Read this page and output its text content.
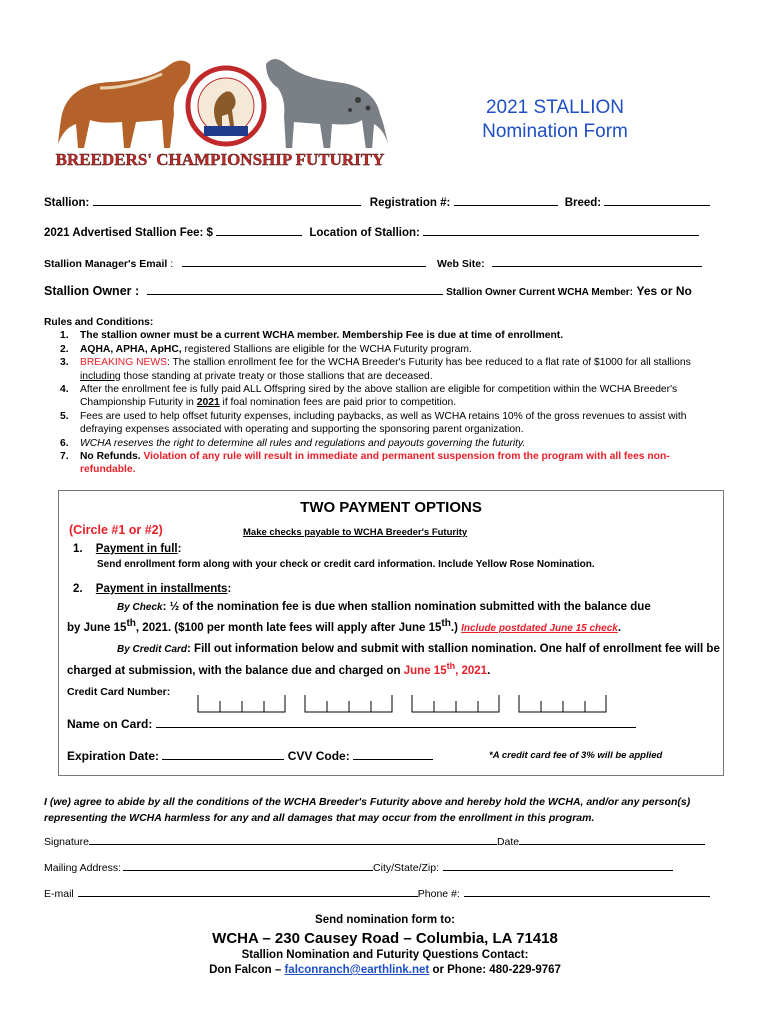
BREEDERS' CHAMPIONSHIP FUTURITY
2021 STALLION
Nomination Form
Stallion:	Registration #:	Breed:
2021 Advertised Stallion Fee: $	Location of Stallion:
Stallion Manager's Email :	Web Site:
Stallion Owner :	Stallion Owner Current WCHA Member: Yes or No
Rules and Conditions:
1. The stallion owner must be a current WCHA member. Membership Fee is due at time of enrollment.
2. AQHA, APHA, ApHC, registered Stallions are eligible for the WCHA Futurity program.
3. BREAKING NEWS: The stallion enrollment fee for the WCHA Breeder's Futurity has bee reduced to a flat rate of $1000 for all stallions including those standing at private treaty or those stallions that are deceased.
4. After the enrollment fee is fully paid ALL Offspring sired by the above stallion are eligible for competition within the WCHA Breeder's Championship Futurity in 2021 if foal nomination fees are paid prior to competition.
5. Fees are used to help offset futurity expenses, including paybacks, as well as WCHA retains 10% of the gross revenues to assist with defraying expenses associated with operating and supporting the sponsoring parent organization.
6. WCHA reserves the right to determine all rules and regulations and payouts governing the futurity.
7. No Refunds. Violation of any rule will result in immediate and permanent suspension from the program with all fees non-refundable.
TWO PAYMENT OPTIONS
(Circle #1 or #2)	Make checks payable to WCHA Breeder's Futurity
1. Payment in full:
Send enrollment form along with your check or credit card information. Include Yellow Rose Nomination.
2. Payment in installments:
By Check: ½ of the nomination fee is due when stallion nomination submitted with the balance due
by June 15th, 2021. ($100 per month late fees will apply after June 15th.) Include postdated June 15 check.
By Credit Card: Fill out information below and submit with stallion nomination. One half of enrollment fee will be charged at submission, with the balance due and charged on June 15th, 2021.
Credit Card Number:
Name on Card:
Expiration Date:	CVV Code:	*A credit card fee of 3% will be applied
I (we) agree to abide by all the conditions of the WCHA Breeder's Futurity above and hereby hold the WCHA, and/or any person(s) representing the WCHA harmless for any and all damages that may occur from the enrollment in this program.
Signature	Date
Mailing Address:	City/State/Zip:
E-mail	Phone #:
Send nomination form to:
WCHA – 230 Causey Road – Columbia, LA 71418
Stallion Nomination and Futurity Questions Contact:
Don Falcon – falconranch@earthlink.net or Phone: 480-229-9767
